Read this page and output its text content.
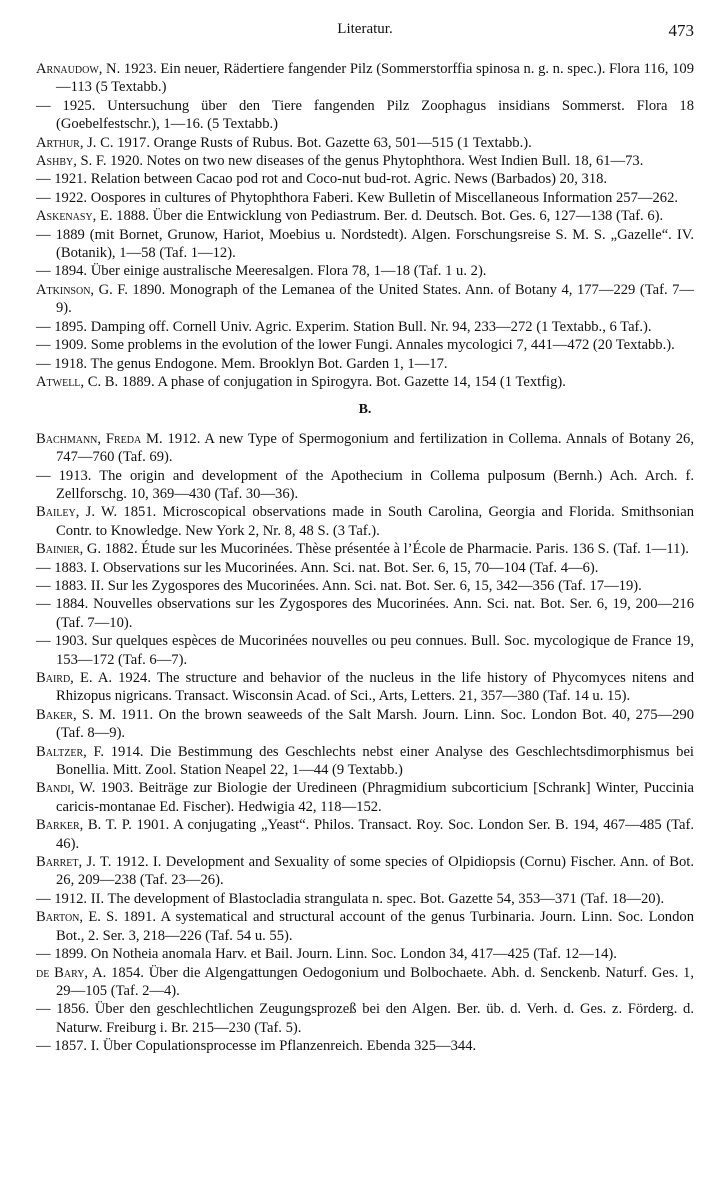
Literatur.	473

Arnaudow, N. 1923. Ein neuer, Rädertiere fangender Pilz (Sommerstorffia spinosa n. g. n. spec.). Flora 116, 109—113 (5 Textabb.)

— 1925. Untersuchung über den Tiere fangenden Pilz Zoophagus insidians Sommerst. Flora 18 (Goebelfestschr.), 1—16. (5 Textabb.)

Arthur, J. C. 1917. Orange Rusts of Rubus. Bot. Gazette 63, 501—515 (1 Textabb.).

Ashby, S. F. 1920. Notes on two new diseases of the genus Phytophthora. West Indien Bull. 18, 61—73.

— 1921. Relation between Cacao pod rot and Coco-nut bud-rot. Agric. News (Barbados) 20, 318.

— 1922. Oospores in cultures of Phytophthora Faberi. Kew Bulletin of Miscellaneous Information 257—262.

Askenasy, E. 1888. Über die Entwicklung von Pediastrum. Ber. d. Deutsch. Bot. Ges. 6, 127—138 (Taf. 6).

— 1889 (mit Bornet, Grunow, Hariot, Moebius u. Nordstedt). Algen. Forschungsreise S. M. S. „Gazelle“. IV. (Botanik), 1—58 (Taf. 1—12).

— 1894. Über einige australische Meeresalgen. Flora 78, 1—18 (Taf. 1 u. 2).

Atkinson, G. F. 1890. Monograph of the Lemanea of the United States. Ann. of Botany 4, 177—229 (Taf. 7—9).

— 1895. Damping off. Cornell Univ. Agric. Experim. Station Bull. Nr. 94, 233—272 (1 Textabb., 6 Taf.).

— 1909. Some problems in the evolution of the lower Fungi. Annales mycologici 7, 441—472 (20 Textabb.).

— 1918. The genus Endogone. Mem. Brooklyn Bot. Garden 1, 1—17.

Atwell, C. B. 1889. A phase of conjugation in Spirogyra. Bot. Gazette 14, 154 (1 Textfig).

B.

Bachmann, Freda M. 1912. A new Type of Spermogonium and fertilization in Collema. Annals of Botany 26, 747—760 (Taf. 69).

— 1913. The origin and development of the Apothecium in Collema pulposum (Bernh.) Ach. Arch. f. Zellforschg. 10, 369—430 (Taf. 30—36).

Bailey, J. W. 1851. Microscopical observations made in South Carolina, Georgia and Florida. Smithsonian Contr. to Knowledge. New York 2, Nr. 8, 48 S. (3 Taf.).

Bainier, G. 1882. Étude sur les Mucorinées. Thèse présentée à l’École de Pharmacie. Paris. 136 S. (Taf. 1—11).

— 1883. I. Observations sur les Mucorinées. Ann. Sci. nat. Bot. Ser. 6, 15, 70—104 (Taf. 4—6).

— 1883. II. Sur les Zygospores des Mucorinées. Ann. Sci. nat. Bot. Ser. 6, 15, 342—356 (Taf. 17—19).

— 1884. Nouvelles observations sur les Zygospores des Mucorinées. Ann. Sci. nat. Bot. Ser. 6, 19, 200—216 (Taf. 7—10).

— 1903. Sur quelques espèces de Mucorinées nouvelles ou peu connues. Bull. Soc. mycologique de France 19, 153—172 (Taf. 6—7).

Baird, E. A. 1924. The structure and behavior of the nucleus in the life history of Phycomyces nitens and Rhizopus nigricans. Transact. Wisconsin Acad. of Sci., Arts, Letters. 21, 357—380 (Taf. 14 u. 15).

Baker, S. M. 1911. On the brown seaweeds of the Salt Marsh. Journ. Linn. Soc. London Bot. 40, 275—290 (Taf. 8—9).

Baltzer, F. 1914. Die Bestimmung des Geschlechts nebst einer Analyse des Geschlechtsdimorphismus bei Bonellia. Mitt. Zool. Station Neapel 22, 1—44 (9 Textabb.)

Bandi, W. 1903. Beiträge zur Biologie der Uredineen (Phragmidium subcorticium [Schrank] Winter, Puccinia caricis-montanae Ed. Fischer). Hedwigia 42, 118—152.

Barker, B. T. P. 1901. A conjugating „Yeast“. Philos. Transact. Roy. Soc. London Ser. B. 194, 467—485 (Taf. 46).

Barret, J. T. 1912. I. Development and Sexuality of some species of Olpidiopsis (Cornu) Fischer. Ann. of Bot. 26, 209—238 (Taf. 23—26).

— 1912. II. The development of Blastocladia strangulata n. spec. Bot. Gazette 54, 353—371 (Taf. 18—20).

Barton, E. S. 1891. A systematical and structural account of the genus Turbinaria. Journ. Linn. Soc. London Bot., 2. Ser. 3, 218—226 (Taf. 54 u. 55).

— 1899. On Notheia anomala Harv. et Bail. Journ. Linn. Soc. London 34, 417—425 (Taf. 12—14).

de Bary, A. 1854. Über die Algengattungen Oedogonium und Bolbochaete. Abh. d. Senckenb. Naturf. Ges. 1, 29—105 (Taf. 2—4).

— 1856. Über den geschlechtlichen Zeugungsprozeß bei den Algen. Ber. üb. d. Verh. d. Ges. z. Förderg. d. Naturw. Freiburg i. Br. 215—230 (Taf. 5).

— 1857. I. Über Copulationsprocesse im Pflanzenreich. Ebenda 325—344.
